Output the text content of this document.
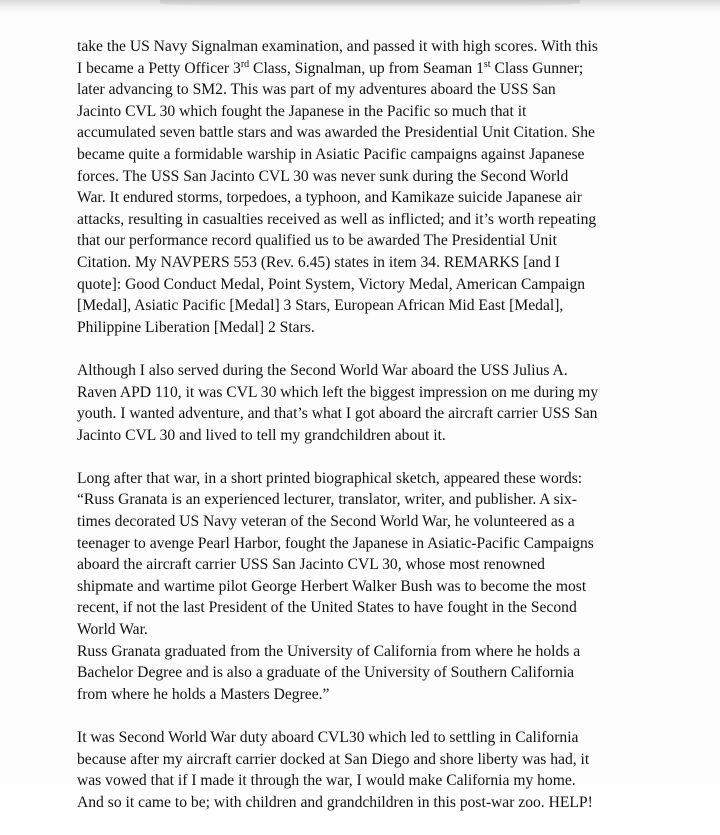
take the US Navy Signalman examination, and passed it with high scores. With this
I became a Petty Officer 3rd Class, Signalman, up from Seaman 1st Class Gunner;
later advancing to SM2. This was part of my adventures aboard the USS San
Jacinto CVL 30 which fought the Japanese in the Pacific so much that it
accumulated seven battle stars and was awarded the Presidential Unit Citation. She
became quite a formidable warship in Asiatic Pacific campaigns against Japanese
forces. The USS San Jacinto CVL 30 was never sunk during the Second World
War. It endured storms, torpedoes, a typhoon, and Kamikaze suicide Japanese air
attacks, resulting in casualties received as well as inflicted; and it’s worth repeating
that our performance record qualified us to be awarded The Presidential Unit
Citation. My NAVPERS 553 (Rev. 6.45) states in item 34. REMARKS [and I
quote]: Good Conduct Medal, Point System, Victory Medal, American Campaign
[Medal], Asiatic Pacific [Medal] 3 Stars, European African Mid East [Medal],
Philippine Liberation [Medal] 2 Stars.
Although I also served during the Second World War aboard the USS Julius A.
Raven APD 110, it was CVL 30 which left the biggest impression on me during my
youth. I wanted adventure, and that’s what I got aboard the aircraft carrier USS San
Jacinto CVL 30 and lived to tell my grandchildren about it.
Long after that war, in a short printed biographical sketch, appeared these words:
“Russ Granata is an experienced lecturer, translator, writer, and publisher. A six-
times decorated US Navy veteran of the Second World War, he volunteered as a
teenager to avenge Pearl Harbor, fought the Japanese in Asiatic-Pacific Campaigns
aboard the aircraft carrier USS San Jacinto CVL 30, whose most renowned
shipmate and wartime pilot George Herbert Walker Bush was to become the most
recent, if not the last President of the United States to have fought in the Second
World War.
Russ Granata graduated from the University of California from where he holds a
Bachelor Degree and is also a graduate of the University of Southern California
from where he holds a Masters Degree.”
It was Second World War duty aboard CVL30 which led to settling in California
because after my aircraft carrier docked at San Diego and shore liberty was had, it
was vowed that if I made it through the war, I would make California my home.
And so it came to be; with children and grandchildren in this post-war zoo. HELP!
